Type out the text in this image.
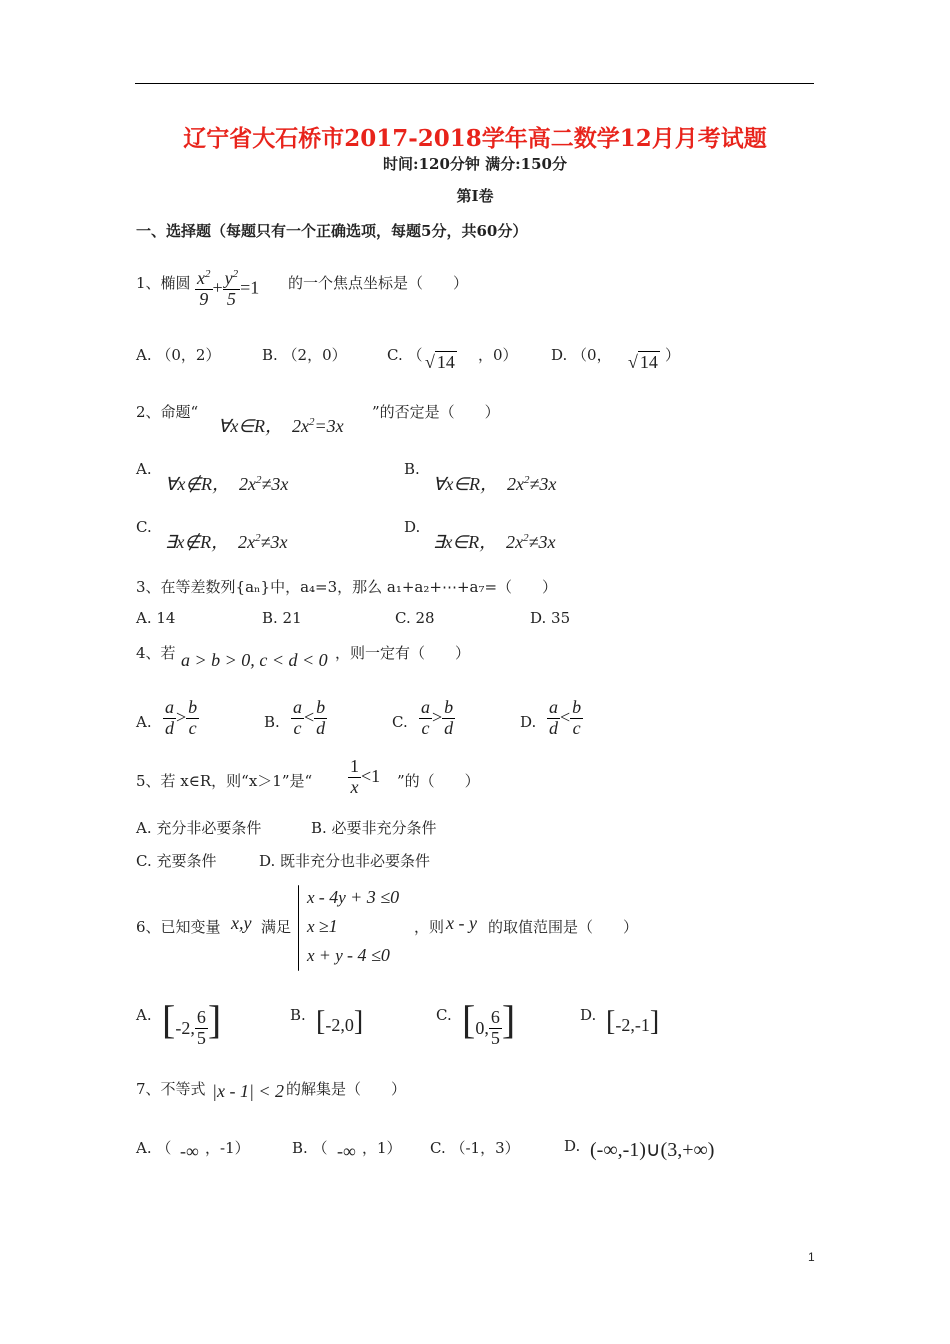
辽宁省大石桥市2017-2018学年高二数学12月月考试题
时间:120分钟 满分:150分
第Ⅰ卷
一、选择题（每题只有一个正确选项，每题5分，共60分）
1、椭圆 $\frac{x^2}{9} + \frac{y^2}{5} =1$ 的一个焦点坐标是（　　）
A. （0，2）	B. （2，0）	C. （ √ 14 ，0） D. （0， √ 14 ）
2、命题“
∀x∈R，  $2x^2=3x$
”的否定是（　　）
A.
∀x∉R，  $2x^2\ne 3x$
B.
∀x∈R，  $2x^2\ne 3x$
C.
∃x∉R，  $2x^2\ne 3x$
D.
∃x∈R，  $2x^2\ne 3x$
3、在等差数列{aₙ}中，a₄=3，那么 a₁+a₂+⋯+a₇=（　　）
A. 14	B. 21	C. 28	D. 35
4、若 a > b > 0, c < d < 0 ，则一定有（　　）
A. $\frac{a}{d} > \frac{b}{c}$	B. $\frac{a}{c} < \frac{b}{d}$	C. $\frac{a}{c} > \frac{b}{d}$	D. $\frac{a}{d} < \frac{b}{c}$
5、若 x∈R，则“x＞1”是“ $\frac{1}{x} <1$ ”的（　　）
A. 充分非必要条件	B. 必要非充分条件
C. 充要条件	D. 既非充分也非必要条件
6、已知变量 x,y 满足
x - 4y + 3 ≤0
x ≥1
x + y - 4 ≤0
，则 x - y 的取值范围是（　　）
A. [-2, $\frac{6}{5}$ ]	B. [-2,0]	C. [0, $\frac{6}{5}$ ]	D. [-2,-1]
7、不等式 |x - 1| < 2 的解集是（　　）
A. （ -∞ ，-1）	B. （ -∞ ，1） C. （-1，3）	D. (-∞,-1)∪(3,+∞)
1
